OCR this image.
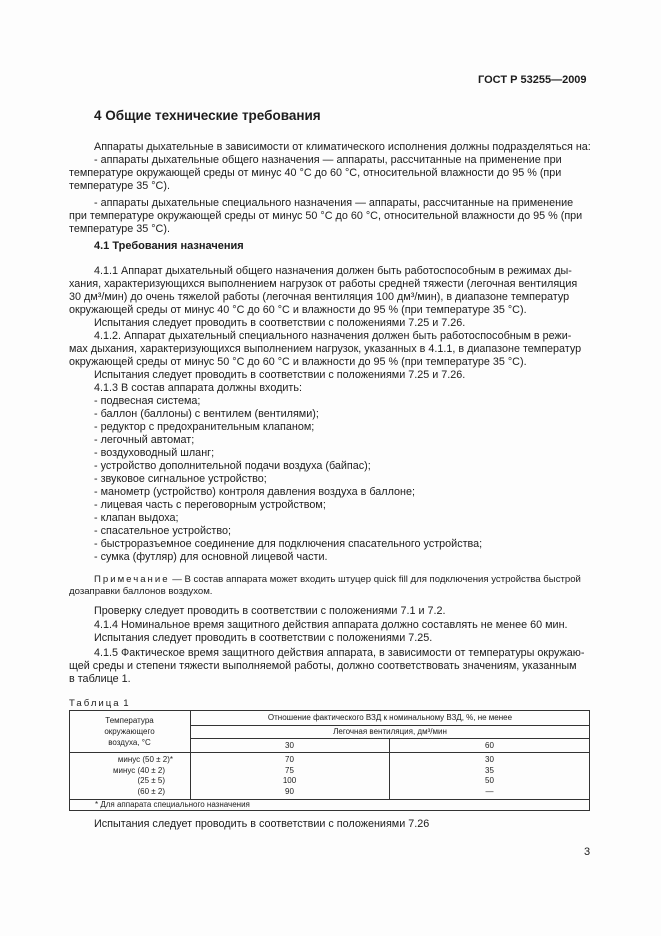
ГОСТ Р 53255—2009

4 Общие технические требования

Аппараты дыхательные в зависимости от климатического исполнения должны подразделяться на:

- аппараты дыхательные общего назначения — аппараты, рассчитанные на применение при

температуре окружающей среды от минус 40 °С до 60 °С, относительной влажности до 95 % (при

температуре 35 °С).

- аппараты дыхательные специального назначения — аппараты, рассчитанные на применение

при температуре окружающей среды от минус 50 °С до 60 °С, относительной влажности до 95 % (при

температуре 35 °С).

4.1 Требования назначения

4.1.1 Аппарат дыхательный общего назначения должен быть работоспособным в режимах ды-

хания, характеризующихся выполнением нагрузок от работы средней тяжести (легочная вентиляция

30 дм³/мин) до очень тяжелой работы (легочная вентиляция 100 дм³/мин), в диапазоне температур

окружающей среды от минус 40 °С до 60 °С и влажности до 95 % (при температуре 35 °С).

Испытания следует проводить в соответствии с положениями 7.25 и 7.26.

4.1.2. Аппарат дыхательный специального назначения должен быть работоспособным в режи-

мах дыхания, характеризующихся выполнением нагрузок, указанных в 4.1.1, в диапазоне температур

окружающей среды от минус 50 °С до 60 °С и влажности до 95 % (при температуре 35 °С).

Испытания следует проводить в соответствии с положениями 7.25 и 7.26.

4.1.3 В состав аппарата должны входить:

- подвесная система;

- баллон (баллоны) с вентилем (вентилями);

- редуктор с предохранительным клапаном;

- легочный автомат;

- воздуховодный шланг;

- устройство дополнительной подачи воздуха (байпас);

- звуковое сигнальное устройство;

- манометр (устройство) контроля давления воздуха в баллоне;

- лицевая часть с переговорным устройством;

- клапан выдоха;

- спасательное устройство;

- быстроразъемное соединение для подключения спасательного устройства;

- сумка (футляр) для основной лицевой части.

Примечание — В состав аппарата может входить штуцер quick fill для подключения устройства быстрой

дозаправки баллонов воздухом.

Проверку следует проводить в соответствии с положениями 7.1 и 7.2.

4.1.4 Номинальное время защитного действия аппарата должно составлять не менее 60 мин.

Испытания следует проводить в соответствии с положениями 7.25.

4.1.5 Фактическое время защитного действия аппарата, в зависимости от температуры окружаю-

щей среды и степени тяжести выполняемой работы, должно соответствовать значениям, указанным

в таблице 1.

Таблица 1

Температура
окружающего
воздуха, °С
Отношение фактического ВЗД к номинальному ВЗД, %, не менее
Легочная вентиляция, дм³/мин
30	60
минус (50 ± 2)*	70	30
минус (40 ± 2)	75	35
(25 ± 5)	100	50
(60 ± 2)	90	—
* Для аппарата специального назначения

Испытания следует проводить в соответствии с положениями 7.26

3
